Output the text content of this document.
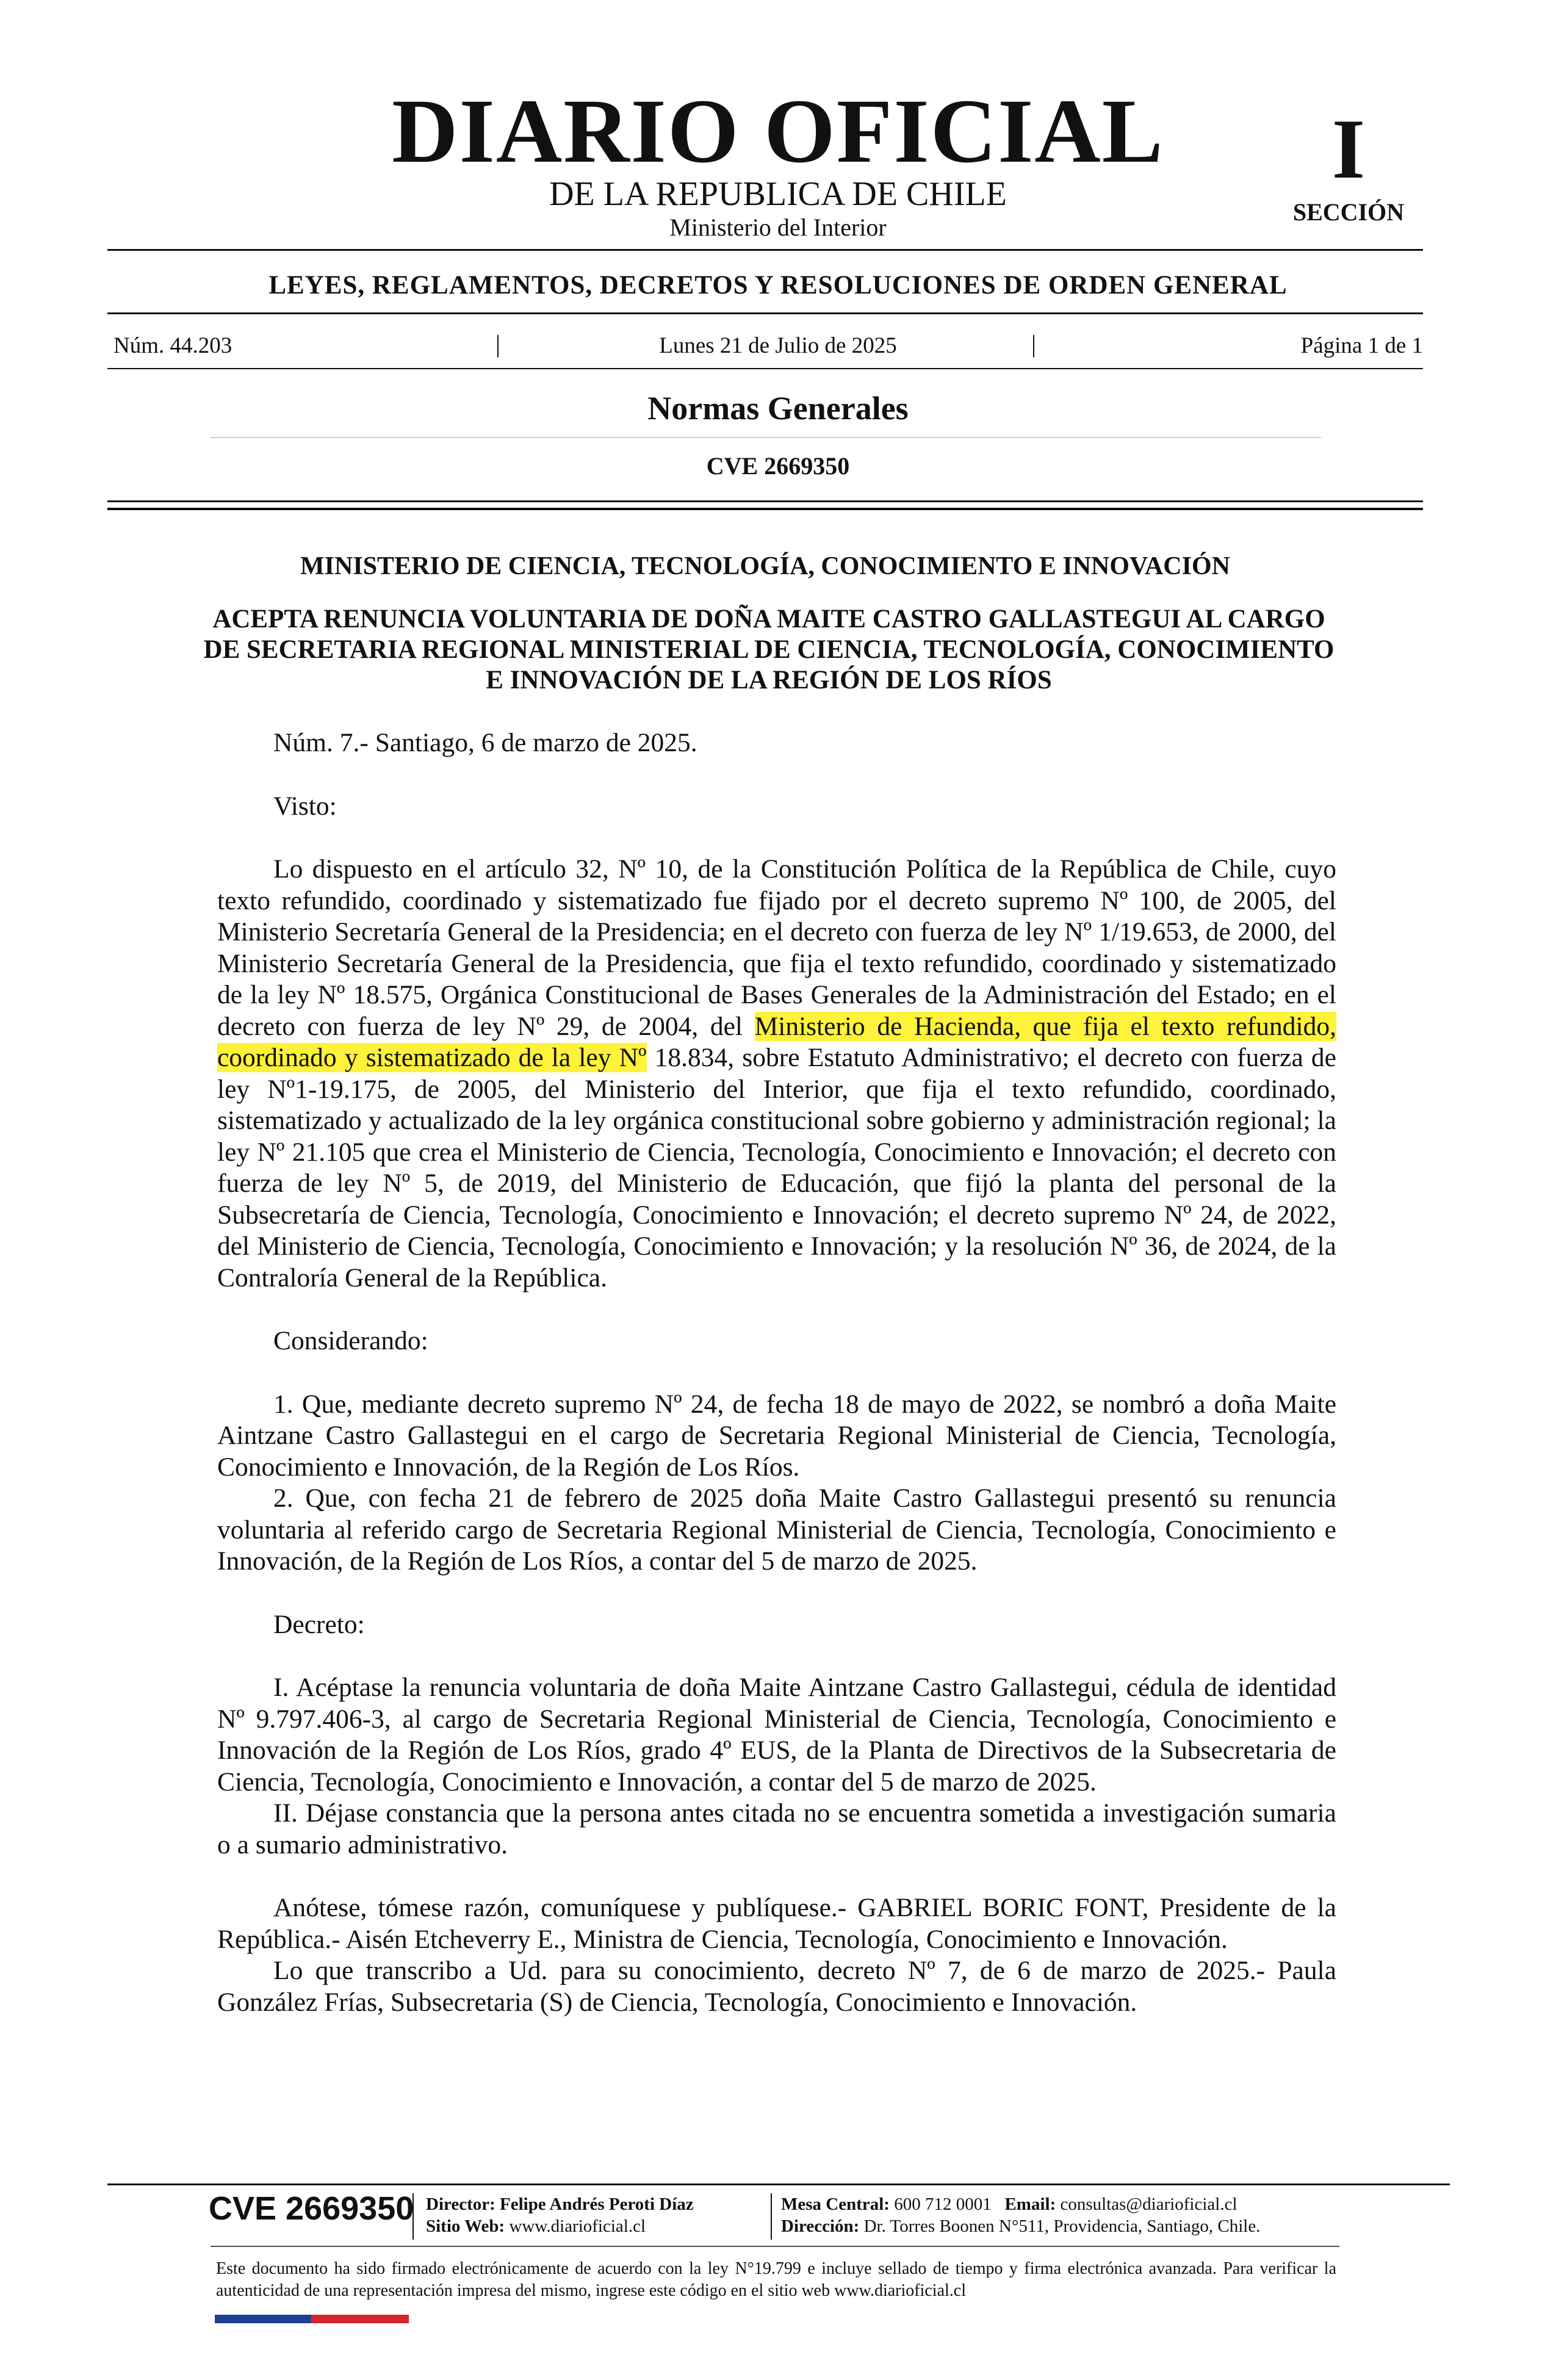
DIARIO OFICIAL
DE LA REPUBLICA DE CHILE
Ministerio del Interior
I
SECCIÓN
LEYES, REGLAMENTOS, DECRETOS Y RESOLUCIONES DE ORDEN GENERAL
Núm. 44.203	|	Lunes 21 de Julio de 2025	|	Página 1 de 1
Normas Generales
CVE 2669350
MINISTERIO DE CIENCIA, TECNOLOGÍA, CONOCIMIENTO E INNOVACIÓN
ACEPTA RENUNCIA VOLUNTARIA DE DOÑA MAITE CASTRO GALLASTEGUI AL CARGO DE SECRETARIA REGIONAL MINISTERIAL DE CIENCIA, TECNOLOGÍA, CONOCIMIENTO E INNOVACIÓN DE LA REGIÓN DE LOS RÍOS

Núm. 7.- Santiago, 6 de marzo de 2025.

Visto:

Lo dispuesto en el artículo 32, Nº 10, de la Constitución Política de la República de Chile, cuyo texto refundido, coordinado y sistematizado fue fijado por el decreto supremo Nº 100, de 2005, del Ministerio Secretaría General de la Presidencia; en el decreto con fuerza de ley Nº 1/19.653, de 2000, del Ministerio Secretaría General de la Presidencia, que fija el texto refundido, coordinado y sistematizado de la ley Nº 18.575, Orgánica Constitucional de Bases Generales de la Administración del Estado; en el decreto con fuerza de ley Nº 29, de 2004, del Ministerio de Hacienda, que fija el texto refundido, coordinado y sistematizado de la ley Nº 18.834, sobre Estatuto Administrativo; el decreto con fuerza de ley Nº1-19.175, de 2005, del Ministerio del Interior, que fija el texto refundido, coordinado, sistematizado y actualizado de la ley orgánica constitucional sobre gobierno y administración regional; la ley Nº 21.105 que crea el Ministerio de Ciencia, Tecnología, Conocimiento e Innovación; el decreto con fuerza de ley Nº 5, de 2019, del Ministerio de Educación, que fijó la planta del personal de la Subsecretaría de Ciencia, Tecnología, Conocimiento e Innovación; el decreto supremo Nº 24, de 2022, del Ministerio de Ciencia, Tecnología, Conocimiento e Innovación; y la resolución Nº 36, de 2024, de la Contraloría General de la República.

Considerando:

1. Que, mediante decreto supremo Nº 24, de fecha 18 de mayo de 2022, se nombró a doña Maite Aintzane Castro Gallastegui en el cargo de Secretaria Regional Ministerial de Ciencia, Tecnología, Conocimiento e Innovación, de la Región de Los Ríos.

2. Que, con fecha 21 de febrero de 2025 doña Maite Castro Gallastegui presentó su renuncia voluntaria al referido cargo de Secretaria Regional Ministerial de Ciencia, Tecnología, Conocimiento e Innovación, de la Región de Los Ríos, a contar del 5 de marzo de 2025.

Decreto:

I. Acéptase la renuncia voluntaria de doña Maite Aintzane Castro Gallastegui, cédula de identidad Nº 9.797.406-3, al cargo de Secretaria Regional Ministerial de Ciencia, Tecnología, Conocimiento e Innovación de la Región de Los Ríos, grado 4º EUS, de la Planta de Directivos de la Subsecretaria de Ciencia, Tecnología, Conocimiento e Innovación, a contar del 5 de marzo de 2025.

II. Déjase constancia que la persona antes citada no se encuentra sometida a investigación sumaria o a sumario administrativo.

Anótese, tómese razón, comuníquese y publíquese.- GABRIEL BORIC FONT, Presidente de la República.- Aisén Etcheverry E., Ministra de Ciencia, Tecnología, Conocimiento e Innovación.

Lo que transcribo a Ud. para su conocimiento, decreto Nº 7, de 6 de marzo de 2025.- Paula González Frías, Subsecretaria (S) de Ciencia, Tecnología, Conocimiento e Innovación.

CVE 2669350 Director: Felipe Andrés Peroti Díaz
Sitio Web: www.diarioficial.cl
Mesa Central: 600 712 0001 Email: consultas@diarioficial.cl
Dirección: Dr. Torres Boonen N°511, Providencia, Santiago, Chile.
Este documento ha sido firmado electrónicamente de acuerdo con la ley N°19.799 e incluye sellado de tiempo y firma electrónica avanzada. Para verificar la autenticidad de una representación impresa del mismo, ingrese este código en el sitio web www.diarioficial.cl
